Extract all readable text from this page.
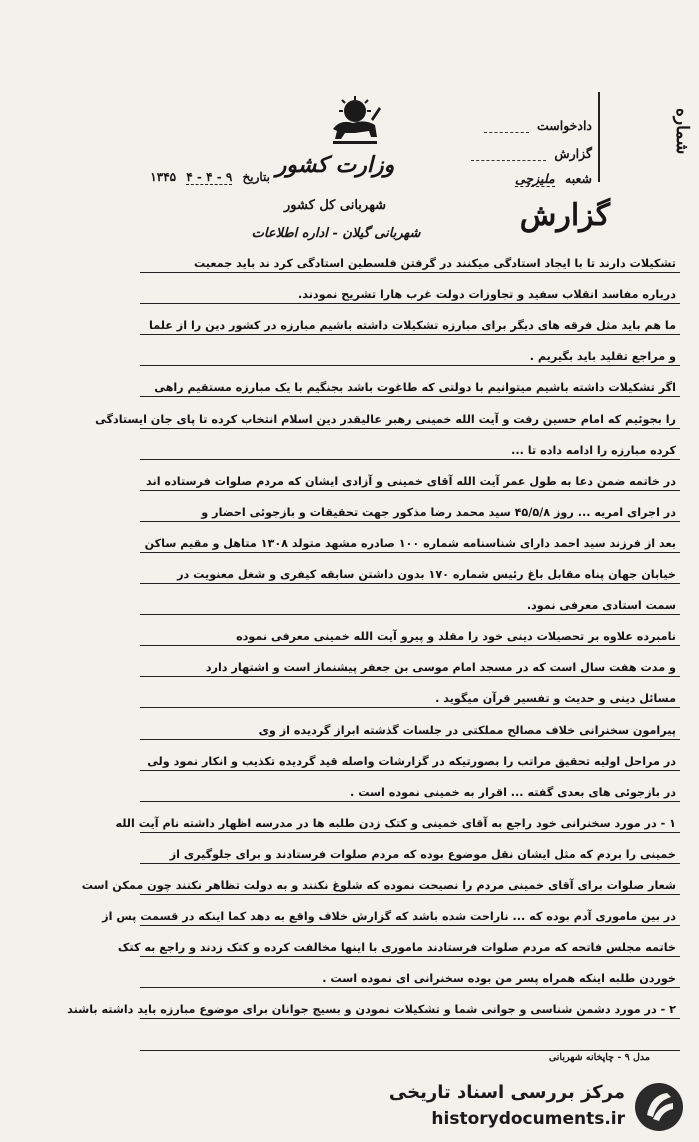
وزارت کشور
شهربانی کل کشور
شهربانی گیلان - اداره اطلاعات
بتاریخ ۹ - ۴ - ۴ ۱۳۴۵
شماره
دادخواست
گزارش
شعبه ملیزچی
گزارش
تشکیلات دارند تا با ایجاد استادگی میکنند در گرفتن فلسطین استادگی کرد ند باید جمعیت
درباره مفاسد انقلاب سفید و تجاوزات دولت غرب هارا تشریح نمودند.
ما هم باید مثل فرقه های دیگر برای مبارزه تشکیلات داشته باشیم مبارزه در کشور دین را از علما
و مراجع تقلید باید بگیریم .
اگر تشکیلات داشته باشیم میتوانیم با دولتی که طاغوت باشد بجنگیم با یک مبارزه مستقیم راهی
را بجوئیم که امام حسین رفت و آیت الله خمینی رهبر عالیقدر دین اسلام انتخاب کرده تا پای جان ایستادگی
کرده مبارزه را ادامه داده تا ...
در خاتمه ضمن دعا به طول عمر آیت الله آقای خمینی و آزادی ایشان که مردم صلوات فرستاده اند
در اجرای امریه ... روز ۴۵/۵/۸ سید محمد رضا مذکور جهت تحقیقات و بازجوئی احضار و
بعد از فرزند سید احمد دارای شناسنامه شماره ۱۰۰ صادره مشهد متولد ۱۳۰۸ متاهل و مقیم ساکن
خیابان جهان پناه مقابل باغ رئیس شماره ۱۷۰ بدون داشتن سابقه کیفری و شغل معنویت در
سمت استادی معرفی نمود.
نامبرده علاوه بر تحصیلات دینی خود را مقلد و پیرو آیت الله خمینی معرفی نموده
و مدت هفت سال است که در مسجد امام موسی بن جعفر پیشنماز است و اشتهار دارد
مسائل دینی و حدیث و تفسیر قرآن میگوید .
پیرامون سخنرانی خلاف مصالح مملکتی در جلسات گذشته ابراز گردیده از وی
در مراحل اولیه تحقیق مراتب را بصورتیکه در گزارشات واصله قید گردیده تکذیب و انکار نمود ولی
در بازجوئی های بعدی گفته ... اقرار به خمینی نموده است .
۱ - در مورد سخنرانی خود راجع به آقای خمینی و کتک زدن طلبه ها در مدرسه اظهار داشته نام آیت الله
خمینی را بردم که مثل ایشان نقل موضوع بوده که مردم صلوات فرستادند و برای جلوگیری از
شعار صلوات برای آقای خمینی مردم را نصیحت نموده که شلوغ نکنند و به دولت تظاهر نکنند چون ممکن است
در بین ماموری آدم بوده که ... ناراحت شده باشد که گزارش خلاف واقع به دهد کما اینکه در قسمت پس از
خاتمه مجلس فاتحه که مردم صلوات فرستادند ماموری با اینها مخالفت کرده و کتک زدند و راجع به کتک
خوردن طلبه اینکه همراه پسر من بوده سخنرانی ای نموده است .
۲ - در مورد دشمن شناسی و جوانی شما و تشکیلات نمودن و بسیج جوانان برای موضوع مبارزه باید داشته باشند
مدل ۹ - چاپخانه شهربانی
مرکز بررسی اسناد تاریخی
historydocuments.ir
